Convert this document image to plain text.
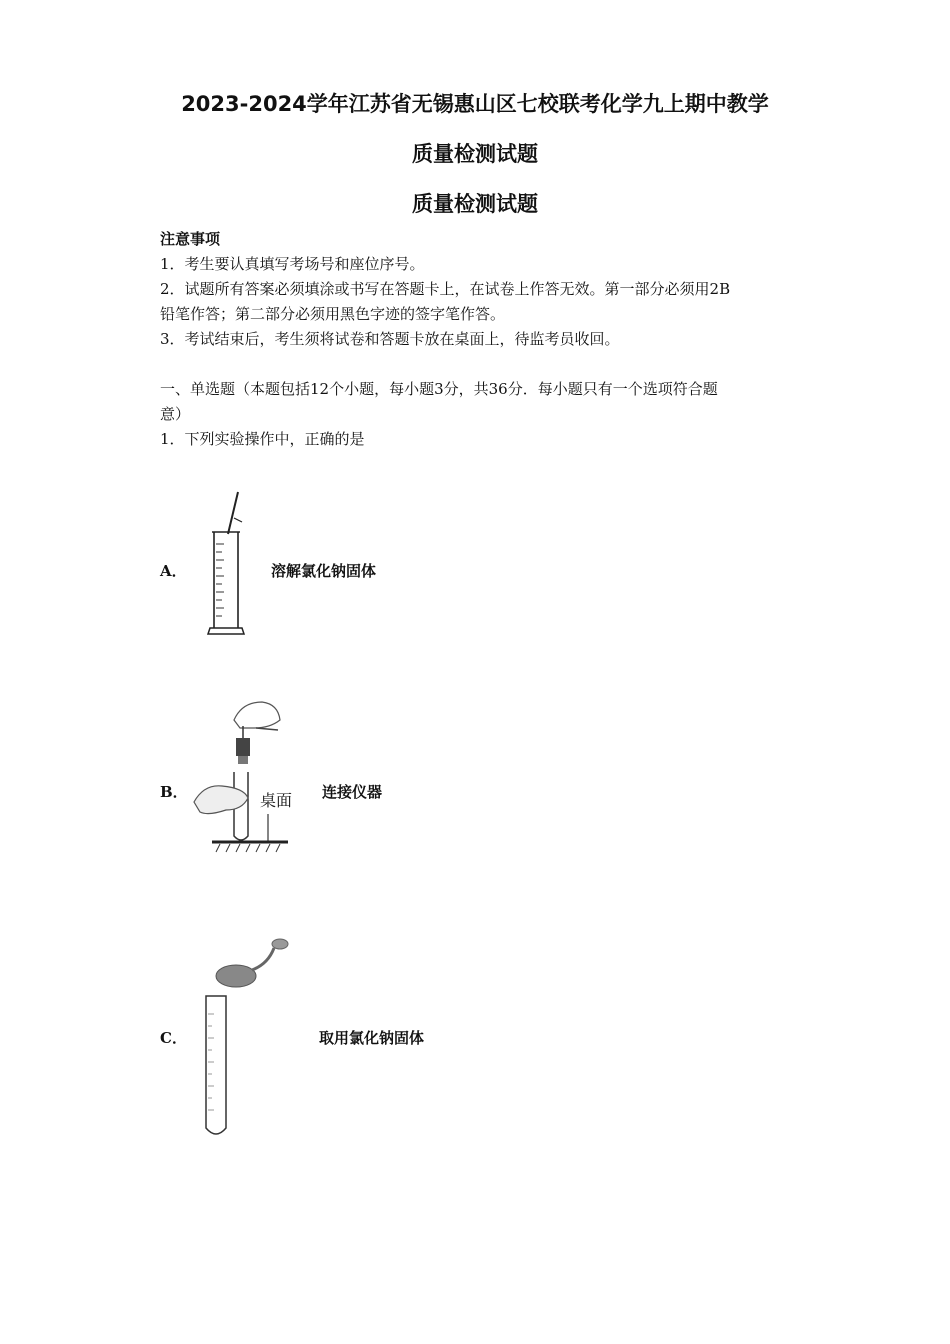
2023-2024学年江苏省无锡惠山区七校联考化学九上期中教学
质量检测试题
质量检测试题
注意事项
1．考生要认真填写考场号和座位序号。
2．试题所有答案必须填涂或书写在答题卡上，在试卷上作答无效。第一部分必须用2B
铅笔作答；第二部分必须用黑色字迹的签字笔作答。
3．考试结束后，考生须将试卷和答题卡放在桌面上，待监考员收回。
一、单选题（本题包括12个小题，每小题3分，共36分．每小题只有一个选项符合题
意）
1．下列实验操作中，正确的是
A．	溶解氯化钠固体
B．	桌面 连接仪器
C．	取用氯化钠固体
